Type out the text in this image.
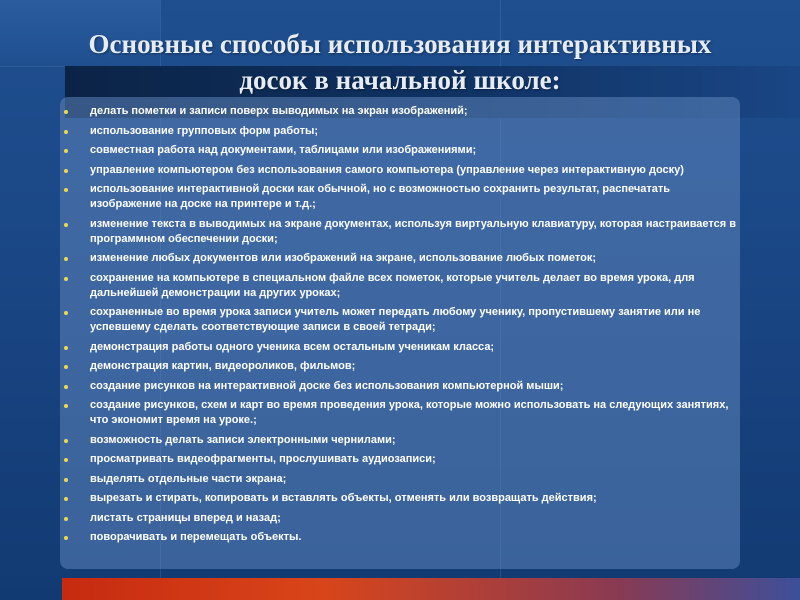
Основные способы использования интерактивных
досок в начальной школе:
делать пометки и записи поверх выводимых на экран изображений;
использование групповых форм работы;
совместная работа над документами, таблицами или изображениями;
управление компьютером без использования самого компьютера (управление через интерактивную доску)
использование интерактивной доски как обычной, но с возможностью сохранить результат, распечатать изображение на доске на принтере и т.д.;
изменение текста в выводимых на экране документах, используя виртуальную клавиатуру, которая настраивается в программном обеспечении доски;
изменение любых документов или изображений на экране, использование любых пометок;
сохранение на компьютере в специальном файле всех пометок, которые учитель делает во время урока, для дальнейшей демонстрации на других уроках;
сохраненные во время урока записи учитель может передать любому ученику, пропустившему занятие или не успевшему сделать соответствующие записи в своей тетради;
демонстрация работы одного ученика всем остальным ученикам класса;
демонстрация картин, видеороликов, фильмов;
создание рисунков на интерактивной доске без использования компьютерной мыши;
создание рисунков, схем и карт во время проведения урока, которые можно использовать на следующих занятиях, что экономит время на уроке.;
возможность делать записи электронными чернилами;
просматривать видеофрагменты, прослушивать аудиозаписи;
выделять отдельные части экрана;
вырезать и стирать, копировать и вставлять объекты, отменять или возвращать действия;
листать страницы вперед и назад;
поворачивать и перемещать объекты.
